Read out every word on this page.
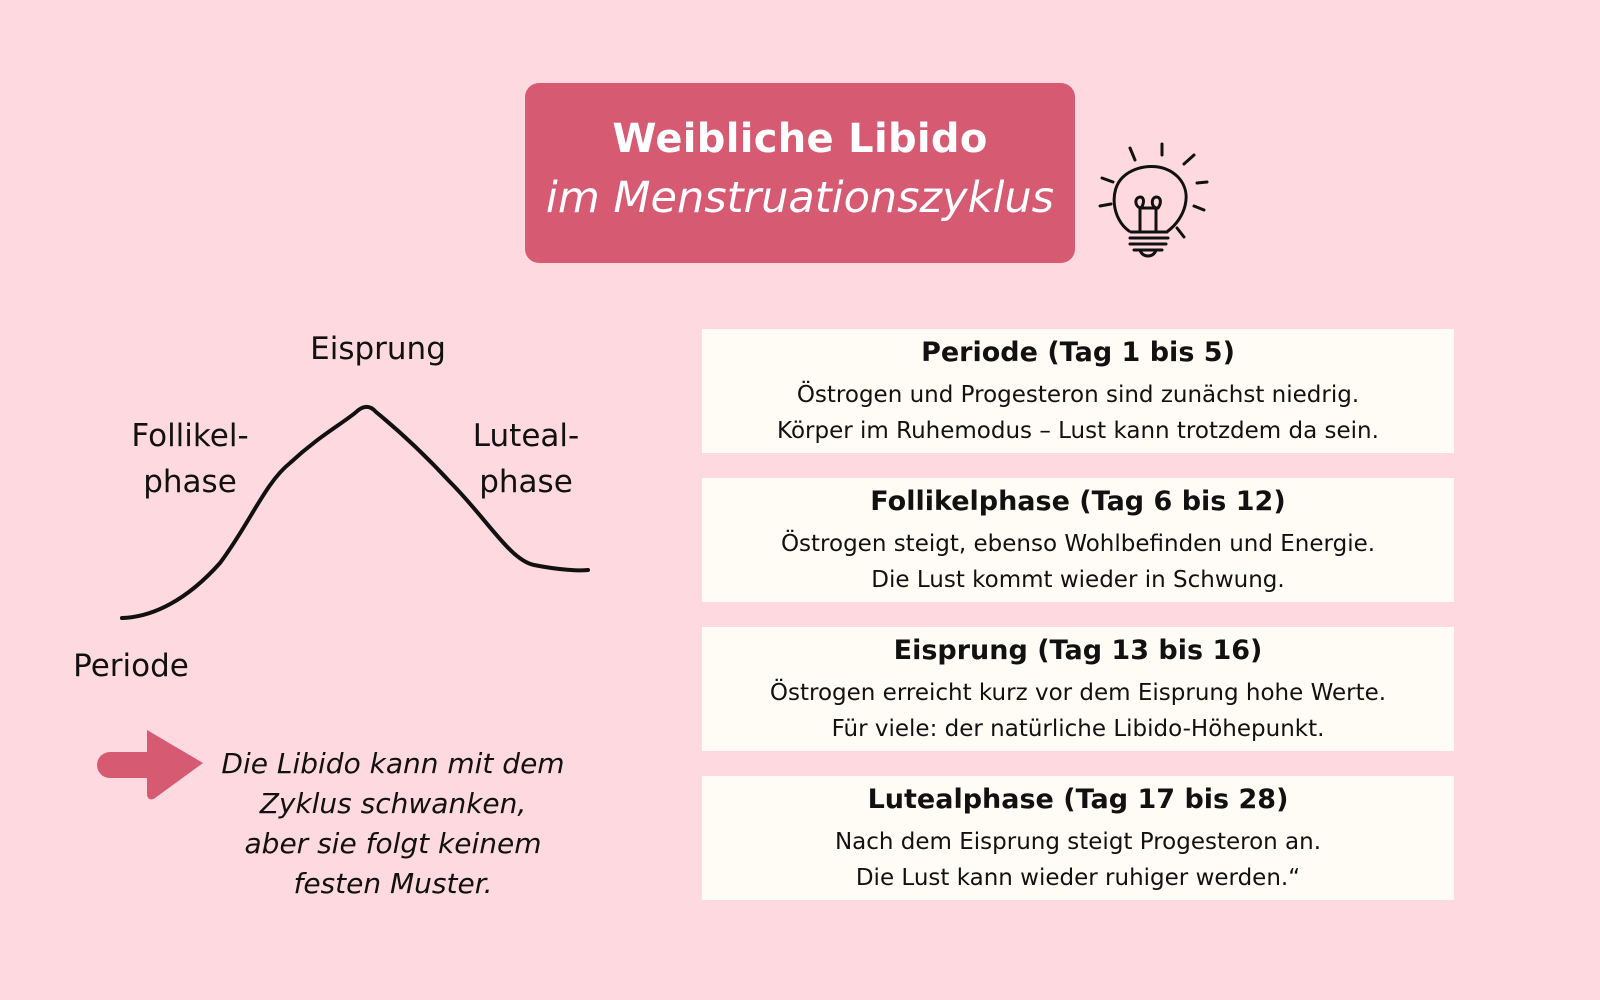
Weibliche Libido
im Menstruationszyklus
Eisprung
Follikel-
phase
Luteal-
phase
Periode
Die Libido kann mit dem
Zyklus schwanken,
aber sie folgt keinem
festen Muster.
Periode (Tag 1 bis 5)
Östrogen und Progesteron sind zunächst niedrig.
Körper im Ruhemodus – Lust kann trotzdem da sein.
Follikelphase (Tag 6 bis 12)
Östrogen steigt, ebenso Wohlbefinden und Energie.
Die Lust kommt wieder in Schwung.
Eisprung (Tag 13 bis 16)
Östrogen erreicht kurz vor dem Eisprung hohe Werte.
Für viele: der natürliche Libido-Höhepunkt.
Lutealphase (Tag 17 bis 28)
Nach dem Eisprung steigt Progesteron an.
Die Lust kann wieder ruhiger werden.“
